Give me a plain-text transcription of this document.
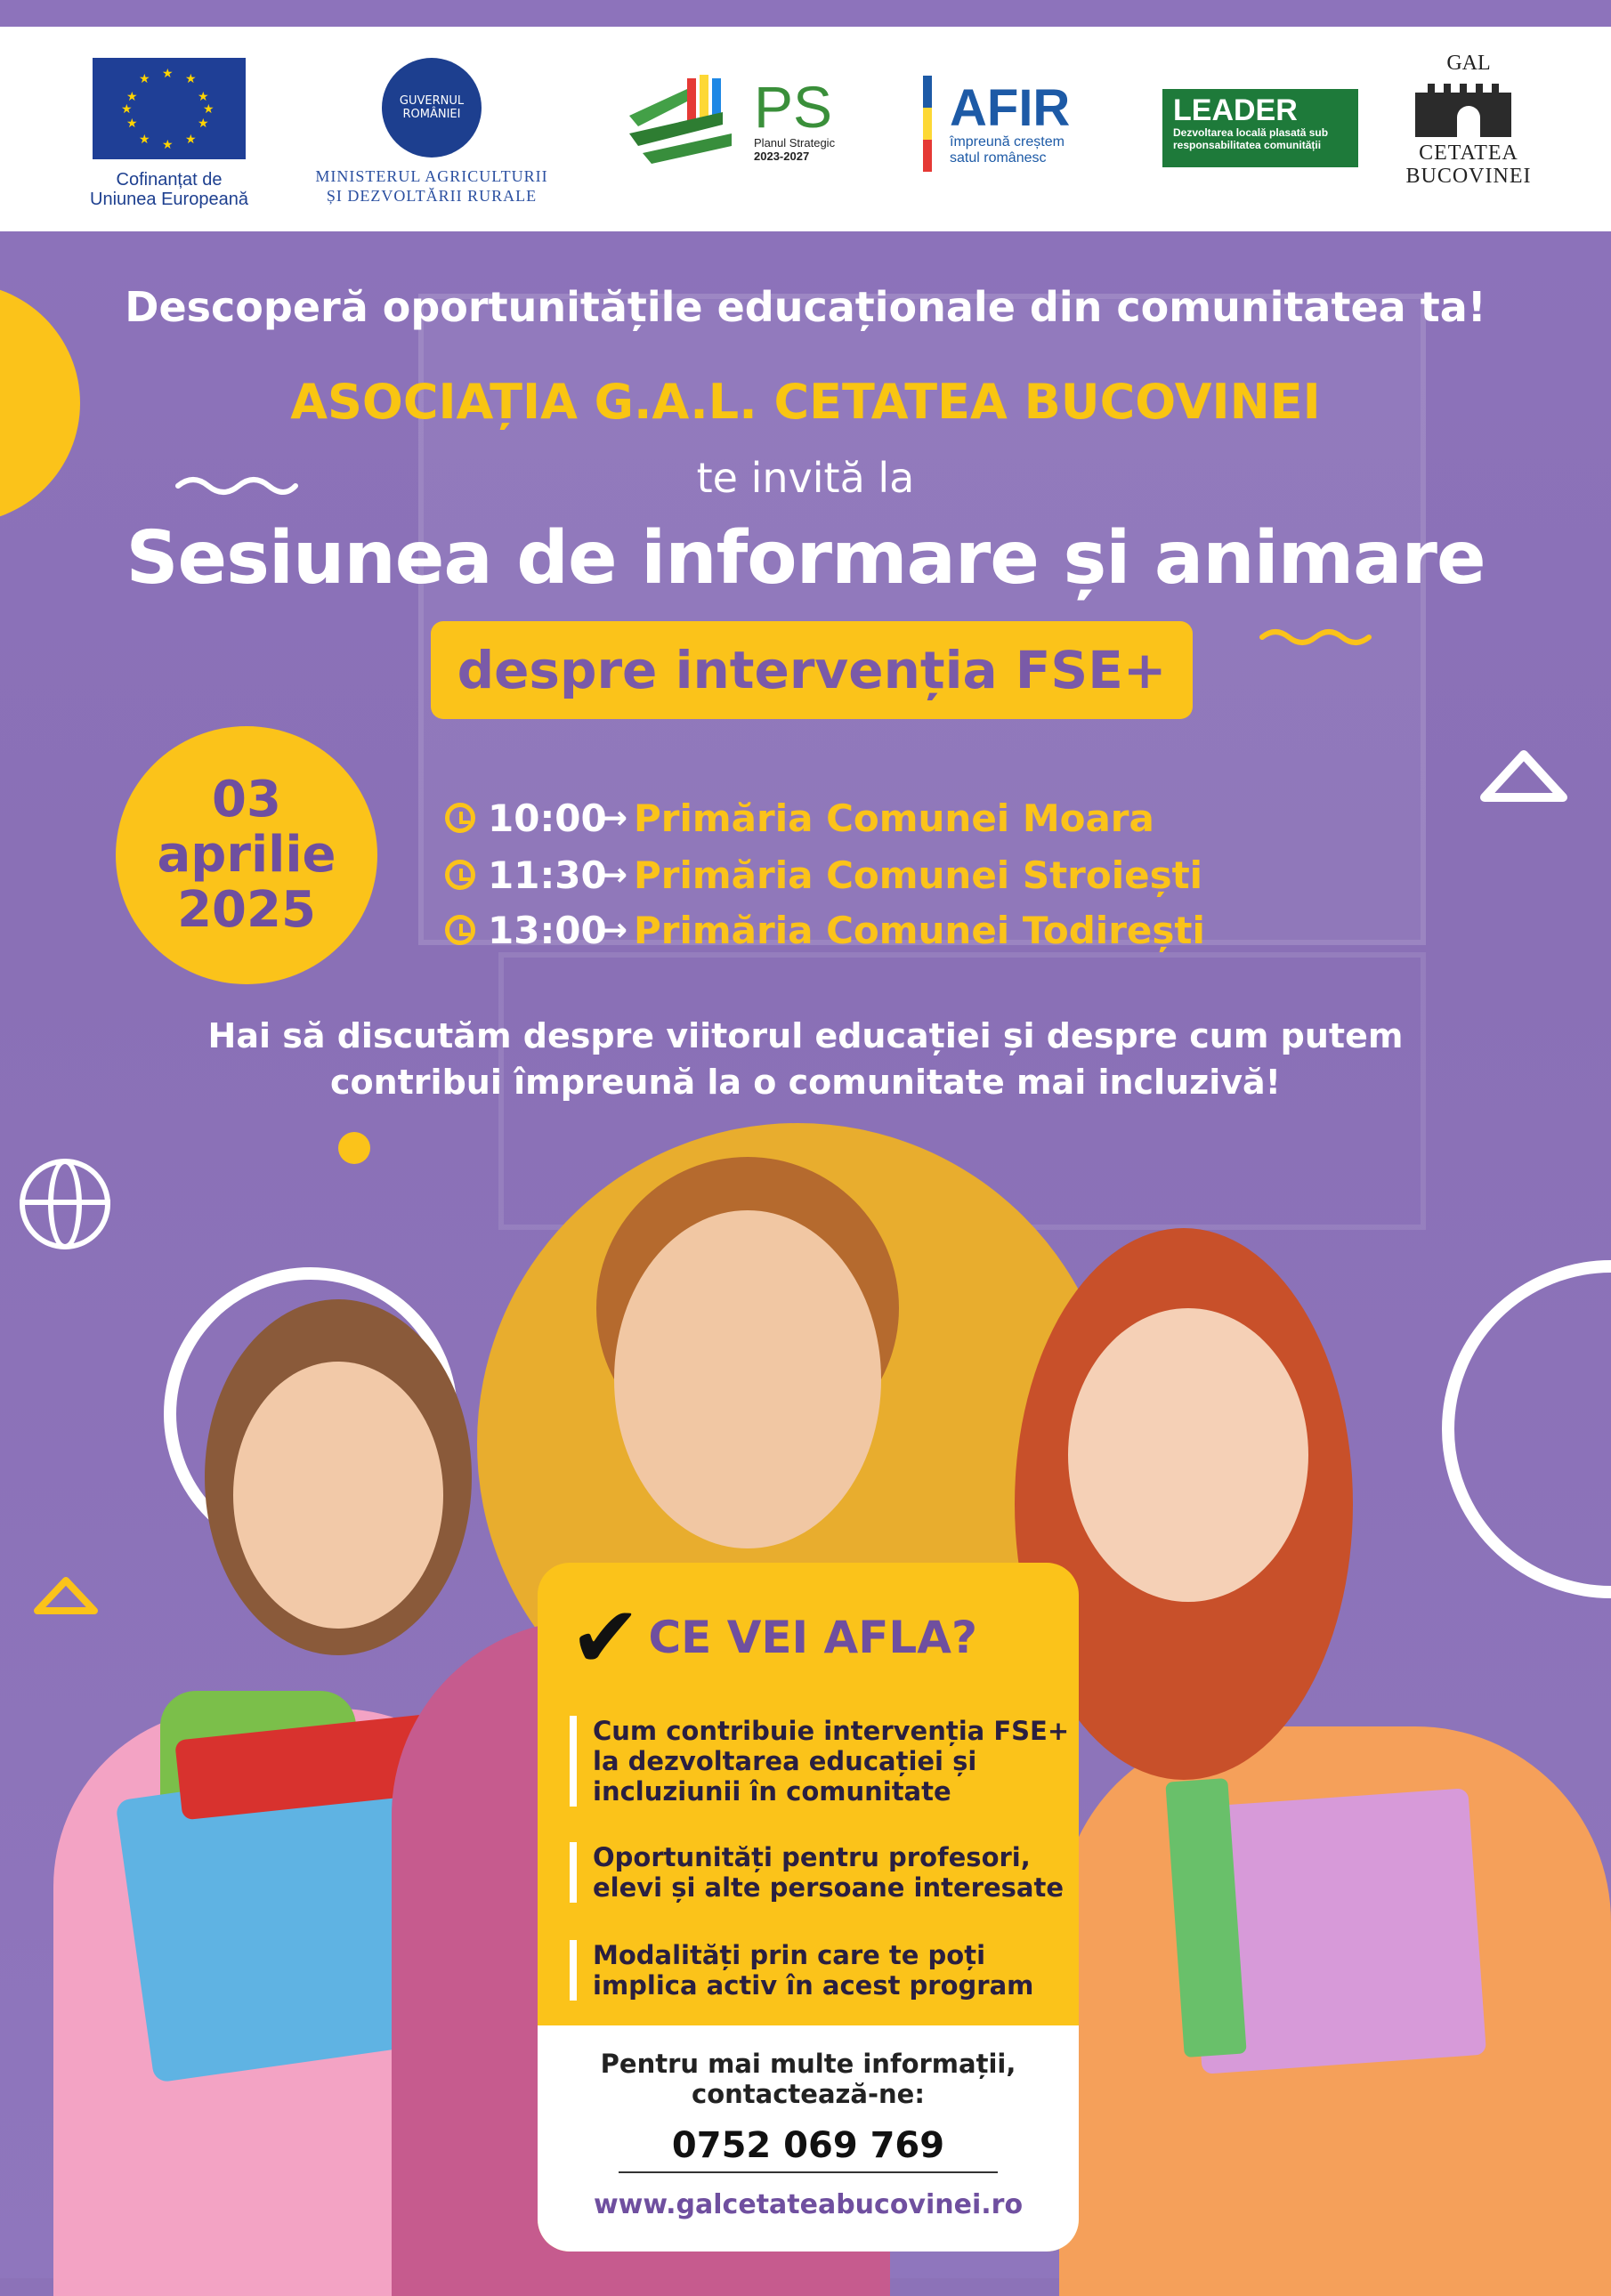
★ ★
★
★
★
★
★
★
★
★
★
★
Cofinanțat de
Uniunea Europeană
GUVERNUL ROMÂNIEI
MINISTERUL AGRICULTURII
ȘI DEZVOLTĂRII RURALE

PS
Planul Strategic
2023-2027
AFIR
împreună creștem
satul românesc
LEADER
Dezvoltarea locală plasată sub
responsabilitatea comunității
GAL
CETATEA
BUCOVINEI
Descoperă oportunitățile educaționale din comunitatea ta!
ASOCIAȚIA G.A.L. CETATEA BUCOVINEI
te invită la
Sesiunea de informare și animare
despre intervenția FSE+
03
aprilie
2025
10:00
→ Primăria Comunei Moara
11:30
→ Primăria Comunei Stroiești
13:00
→ Primăria Comunei Todirești
Hai să discutăm despre viitorul educației și despre cum putem
contribui împreună la o comunitate mai incluzivă!
✔ CE VEI AFLA?
Cum contribuie intervenția FSE+
la dezvoltarea educației și
incluziunii în comunitate
Oportunități pentru profesori,
elevi și alte persoane interesate
Modalități prin care te poți
implica activ în acest program
Pentru mai multe informații,
contactează-ne:
0752 069 769
www.galcetateabucovinei.ro
